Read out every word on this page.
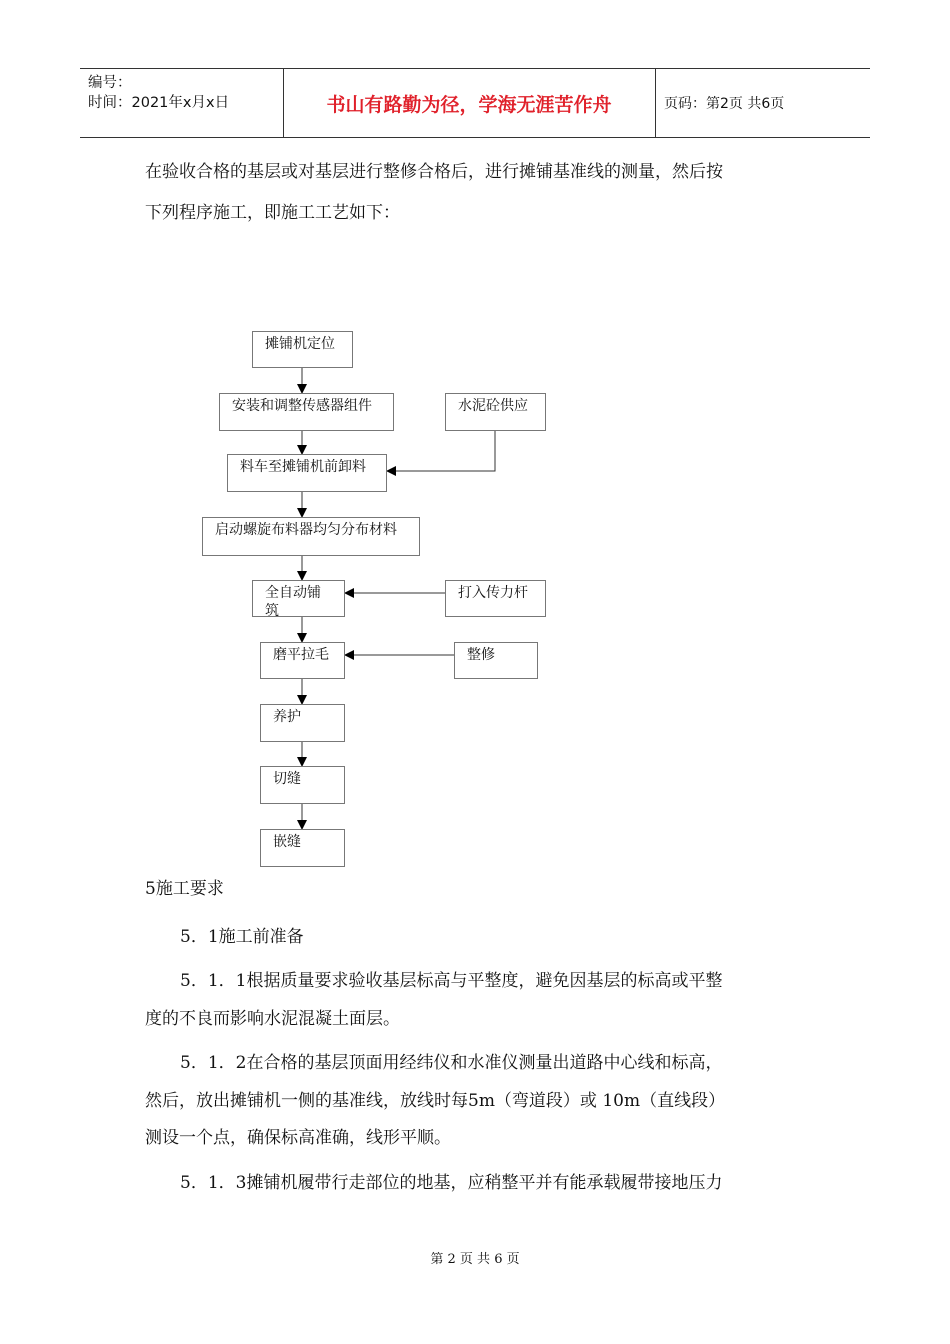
编号：
时间：2021年x月x日	书山有路勤为径，学海无涯苦作舟	页码：第2页 共6页

在验收合格的基层或对基层进行整修合格后，进行摊铺基准线的测量，然后按

下列程序施工，即施工工艺如下：

摊铺机定位
安装和调整传感器组件
料车至摊铺机前卸料
启动螺旋布料器均匀分布材料
全自动铺筑
磨平拉毛
养护
切缝
嵌缝
水泥砼供应
打入传力杆
整修

5施工要求

5．1施工前准备

5．1．1根据质量要求验收基层标高与平整度，避免因基层的标高或平整

度的不良而影响水泥混凝土面层。

5．1．2在合格的基层顶面用经纬仪和水准仪测量出道路中心线和标高，

然后，放出摊铺机一侧的基准线，放线时每5m（弯道段）或 10m（直线段）

测设一个点，确保标高准确，线形平顺。

5．1．3摊铺机履带行走部位的地基，应稍整平并有能承载履带接地压力

第 2 页 共 6 页
